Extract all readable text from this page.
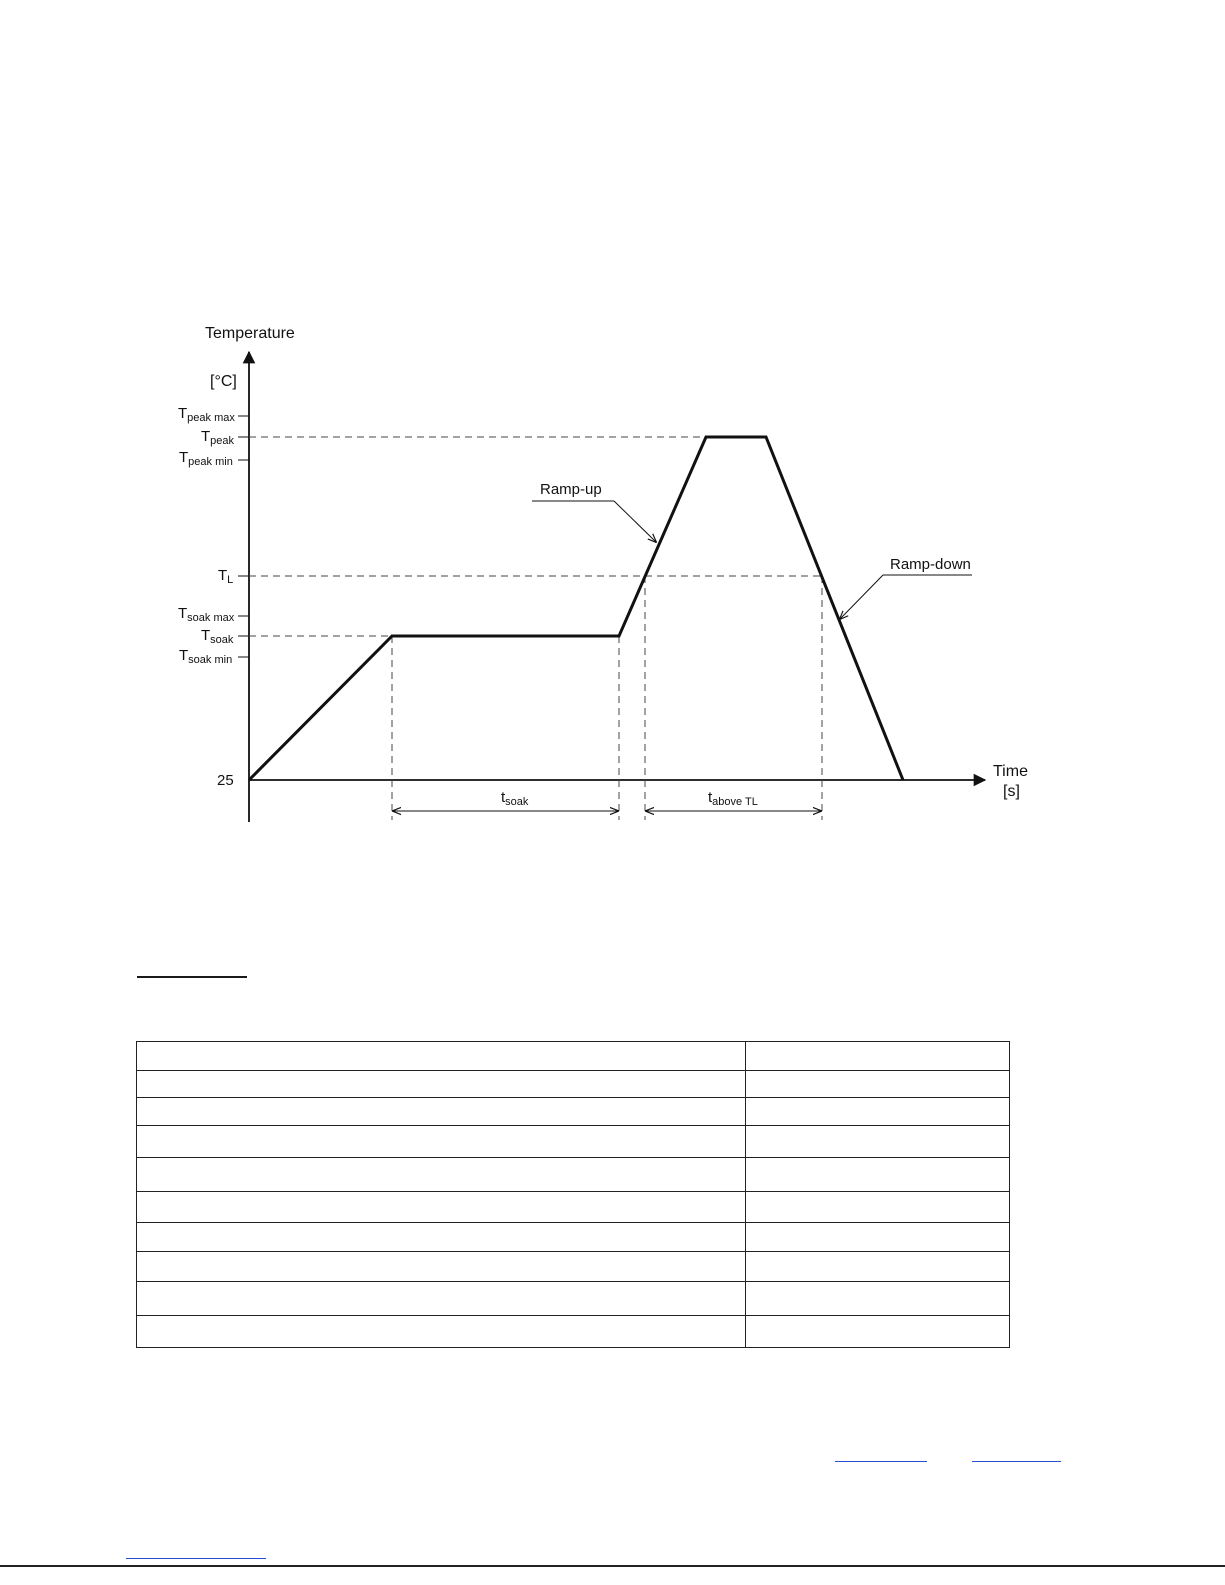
Temperature
[°C]
Time
[s]
$T_{peak max}$
$T_{peak}$
$T_{peak min}$
$T_L$
$T_{soak max}$
$T_{soak}$
$T_{soak min}$
25
$t_{soak}$	$t_{above TL}$
Ramp-up
Ramp-down
